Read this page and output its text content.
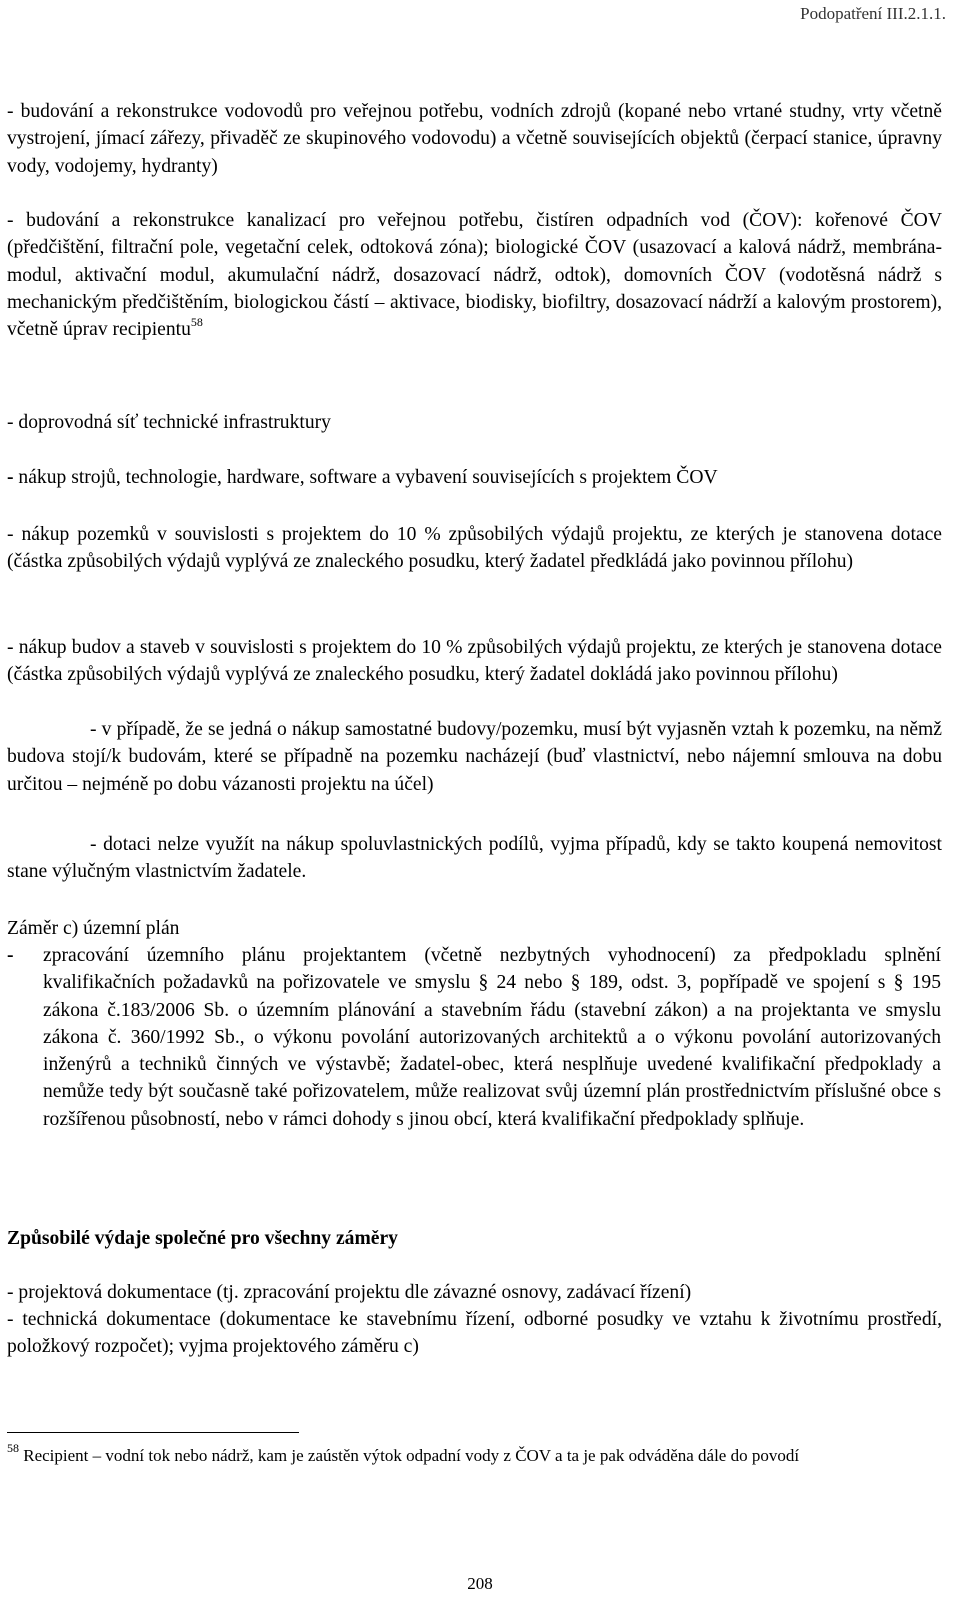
Podopatření III.2.1.1.

- budování a rekonstrukce vodovodů pro veřejnou potřebu, vodních zdrojů (kopané nebo vrtané studny, vrty včetně vystrojení, jímací zářezy, přivaděč ze skupinového vodovodu) a včetně souvisejících objektů (čerpací stanice, úpravny vody, vodojemy, hydranty)

- budování a rekonstrukce kanalizací pro veřejnou potřebu, čistíren odpadních vod (ČOV): kořenové ČOV (předčištění, filtrační pole, vegetační celek, odtoková zóna); biologické ČOV (usazovací a kalová nádrž, membrána-modul, aktivační modul, akumulační nádrž, dosazovací nádrž, odtok), domovních ČOV (vodotěsná nádrž s mechanickým předčištěním, biologickou částí – aktivace, biodisky, biofiltry, dosazovací nádrží a kalovým prostorem), včetně úprav recipientu$^{58}$

- doprovodná síť technické infrastruktury

- nákup strojů, technologie, hardware, software a vybavení souvisejících s projektem ČOV

- nákup pozemků v souvislosti s projektem do 10 % způsobilých výdajů projektu, ze kterých je stanovena dotace (částka způsobilých výdajů vyplývá ze znaleckého posudku, který žadatel předkládá jako povinnou přílohu)

- nákup budov a staveb v souvislosti s projektem do 10 % způsobilých výdajů projektu, ze kterých je stanovena dotace (částka způsobilých výdajů vyplývá ze znaleckého posudku, který žadatel dokládá jako povinnou přílohu)

- v případě, že se jedná o nákup samostatné budovy/pozemku, musí být vyjasněn vztah k pozemku, na němž budova stojí/k budovám, které se případně na pozemku nacházejí (buď vlastnictví, nebo nájemní smlouva na dobu určitou – nejméně po dobu vázanosti projektu na účel)

- dotaci nelze využít na nákup spoluvlastnických podílů, vyjma případů, kdy se takto koupená nemovitost stane výlučným vlastnictvím žadatele.

Záměr c) územní plán

- zpracování územního plánu projektantem (včetně nezbytných vyhodnocení) za předpokladu splnění kvalifikačních požadavků na pořizovatele ve smyslu § 24 nebo § 189, odst. 3, popřípadě ve spojení s § 195 zákona č.183/2006 Sb. o územním plánování a stavebním řádu (stavební zákon) a na projektanta ve smyslu zákona č. 360/1992 Sb., o výkonu povolání autorizovaných architektů a o výkonu povolání autorizovaných inženýrů a techniků činných ve výstavbě; žadatel-obec, která nesplňuje uvedené kvalifikační předpoklady a nemůže tedy být současně také pořizovatelem, může realizovat svůj územní plán prostřednictvím příslušné obce s rozšířenou působností, nebo v rámci dohody s jinou obcí, která kvalifikační předpoklady splňuje.

Způsobilé výdaje společné pro všechny záměry

- projektová dokumentace (tj. zpracování projektu dle závazné osnovy, zadávací řízení)

- technická dokumentace (dokumentace ke stavebnímu řízení, odborné posudky ve vztahu k životnímu prostředí, položkový rozpočet); vyjma projektového záměru c)

$^{58}$ Recipient – vodní tok nebo nádrž, kam je zaústěn výtok odpadní vody z ČOV a ta je pak odváděna dále do povodí
208
